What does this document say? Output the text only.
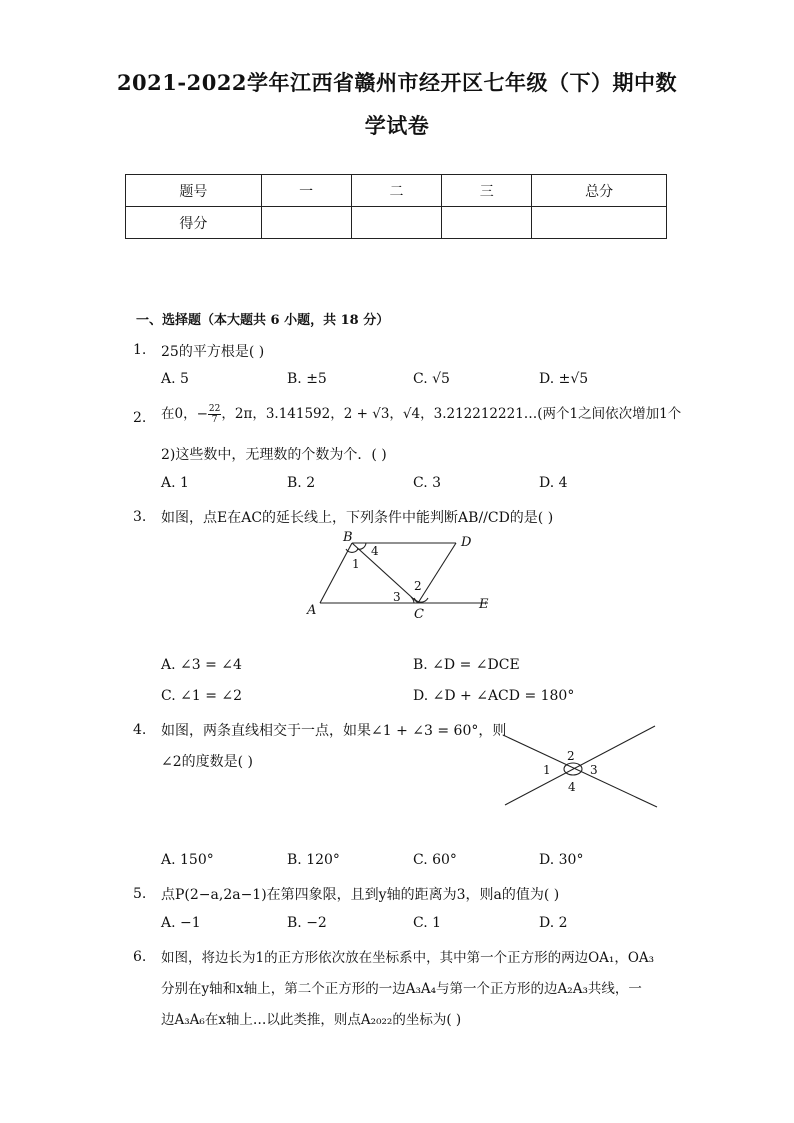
2021-2022学年江西省赣州市经开区七年级（下）期中数
学试卷
题号	一	二	三	总分
得分				
一、选择题（本大题共 6 小题，共 18 分）
1. 25的平方根是( )
A. 5	B. ±5	C. √5	D. ±√5
2. 在0，− $\frac{22}{7}$ ，2π，3.141592，2 + √3，√4，3.212212221…(两个1之间依次增加1个
2)这些数中，无理数的个数为个．( )
A. 1	B. 2	C. 3	D. 4
3. 如图，点E在AC的延长线上，下列条件中能判断AB//CD的是( )
B	D
A	C
E
1
2
3
4
A. ∠3 = ∠4	B. ∠D = ∠DCE
C. ∠1 = ∠2	D. ∠D + ∠ACD = 180°
4. 如图，两条直线相交于一点，如果∠1 + ∠3 = 60°，则
∠2的度数是( )	2
1	3
4
A. 150°	B. 120°	C. 60°	D. 30°
5. 点P(2−a,2a−1)在第四象限，且到y轴的距离为3，则a的值为( )
A. −1	B. −2	C. 1	D. 2
6. 如图，将边长为1的正方形依次放在坐标系中，其中第一个正方形的两边OA₁，OA₃
分别在y轴和x轴上，第二个正方形的一边A₃A₄与第一个正方形的边A₂A₃共线，一
边A₃A₆在x轴上…以此类推，则点A₂₀₂₂的坐标为( )
